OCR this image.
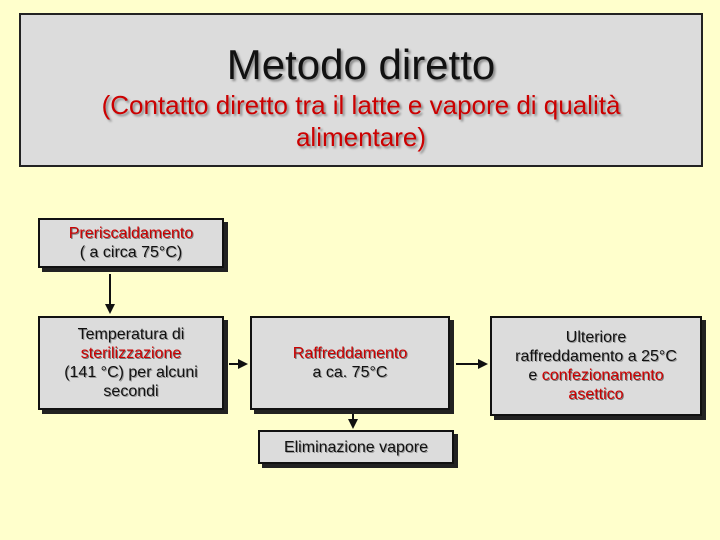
Metodo diretto
(Contatto diretto tra il latte e vapore di qualità
alimentare)
Preriscaldamento
( a circa 75°C)
Temperatura di
sterilizzazione
(141 °C) per alcuni
secondi
Raffreddamento
a ca. 75°C
Ulteriore
raffreddamento a 25°C
e confezionamento
asettico
Eliminazione vapore
